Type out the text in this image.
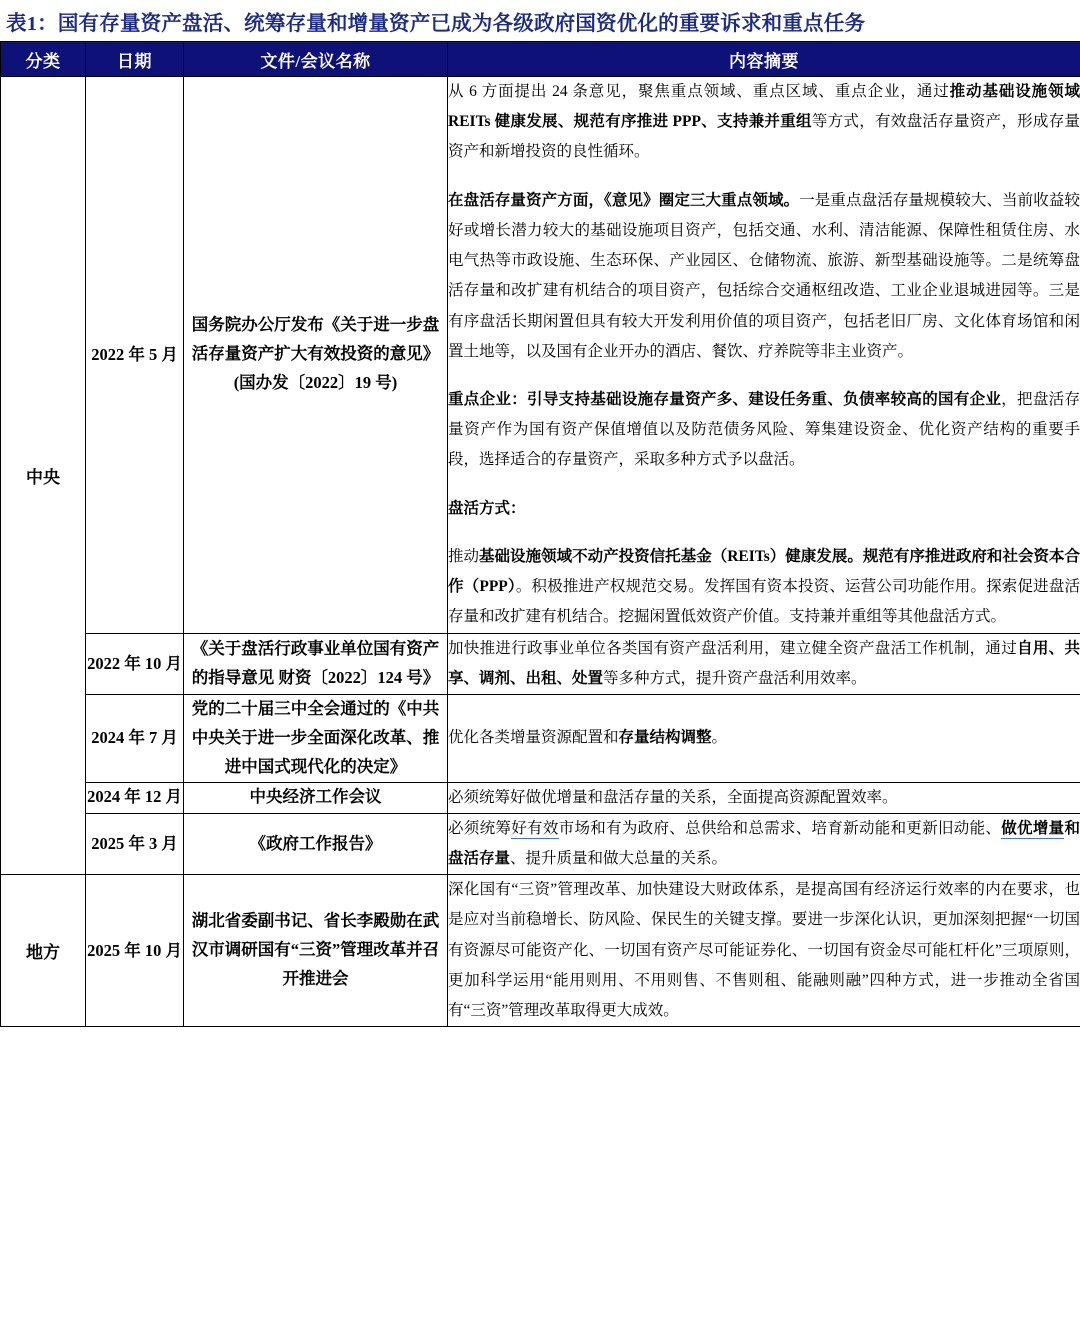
表1：国有存量资产盘活、统筹存量和增量资产已成为各级政府国资优化的重要诉求和重点任务
分类	日期	文件/会议名称	内容摘要
中央	2022 年 5 月	国务院办公厅发布《关于进一步盘活存量资产扩大有效投资的意见》(国办发〔2022〕19 号)	从 6 方面提出 24 条意见，聚焦重点领域、重点区域、重点企业，通过推动基础设施领域 REITs 健康发展、规范有序推进 PPP、支持兼并重组等方式，有效盘活存量资产，形成存量资产和新增投资的良性循环。

在盘活存量资产方面，《意见》圈定三大重点领域。一是重点盘活存量规模较大、当前收益较好或增长潜力较大的基础设施项目资产，包括交通、水利、清洁能源、保障性租赁住房、水电气热等市政设施、生态环保、产业园区、仓储物流、旅游、新型基础设施等。二是统筹盘活存量和改扩建有机结合的项目资产，包括综合交通枢纽改造、工业企业退城进园等。三是有序盘活长期闲置但具有较大开发利用价值的项目资产，包括老旧厂房、文化体育场馆和闲置土地等，以及国有企业开办的酒店、餐饮、疗养院等非主业资产。

重点企业：引导支持基础设施存量资产多、建设任务重、负债率较高的国有企业，把盘活存量资产作为国有资产保值增值以及防范债务风险、筹集建设资金、优化资产结构的重要手段，选择适合的存量资产，采取多种方式予以盘活。

盘活方式：

推动基础设施领域不动产投资信托基金（REITs）健康发展。规范有序推进政府和社会资本合作（PPP）。积极推进产权规范交易。发挥国有资本投资、运营公司功能作用。探索促进盘活存量和改扩建有机结合。挖掘闲置低效资产价值。支持兼并重组等其他盘活方式。

	2022 年 10 月	《关于盘活行政事业单位国有资产的指导意见 财资〔2022〕124 号》	加快推进行政事业单位各类国有资产盘活利用，建立健全资产盘活工作机制，通过自用、共享、调剂、出租、处置等多种方式，提升资产盘活利用效率。

	2024 年 7 月	党的二十届三中全会通过的《中共中央关于进一步全面深化改革、推进中国式现代化的决定》	优化各类增量资源配置和存量结构调整。

	2024 年 12 月	中央经济工作会议	必须统筹好做优增量和盘活存量的关系，全面提高资源配置效率。

	2025 年 3 月	《政府工作报告》	必须统筹好有效市场和有为政府、总供给和总需求、培育新动能和更新旧动能、做优增量和盘活存量、提升质量和做大总量的关系。

地方	2025 年 10 月	湖北省委副书记、省长李殿勋在武汉市调研国有“三资”管理改革并召开推进会	深化国有“三资”管理改革、加快建设大财政体系，是提高国有经济运行效率的内在要求，也是应对当前稳增长、防风险、保民生的关键支撑。要进一步深化认识，更加深刻把握“一切国有资源尽可能资产化、一切国有资产尽可能证券化、一切国有资金尽可能杠杆化”三项原则，更加科学运用“能用则用、不用则售、不售则租、能融则融”四种方式，进一步推动全省国有“三资”管理改革取得更大成效。
